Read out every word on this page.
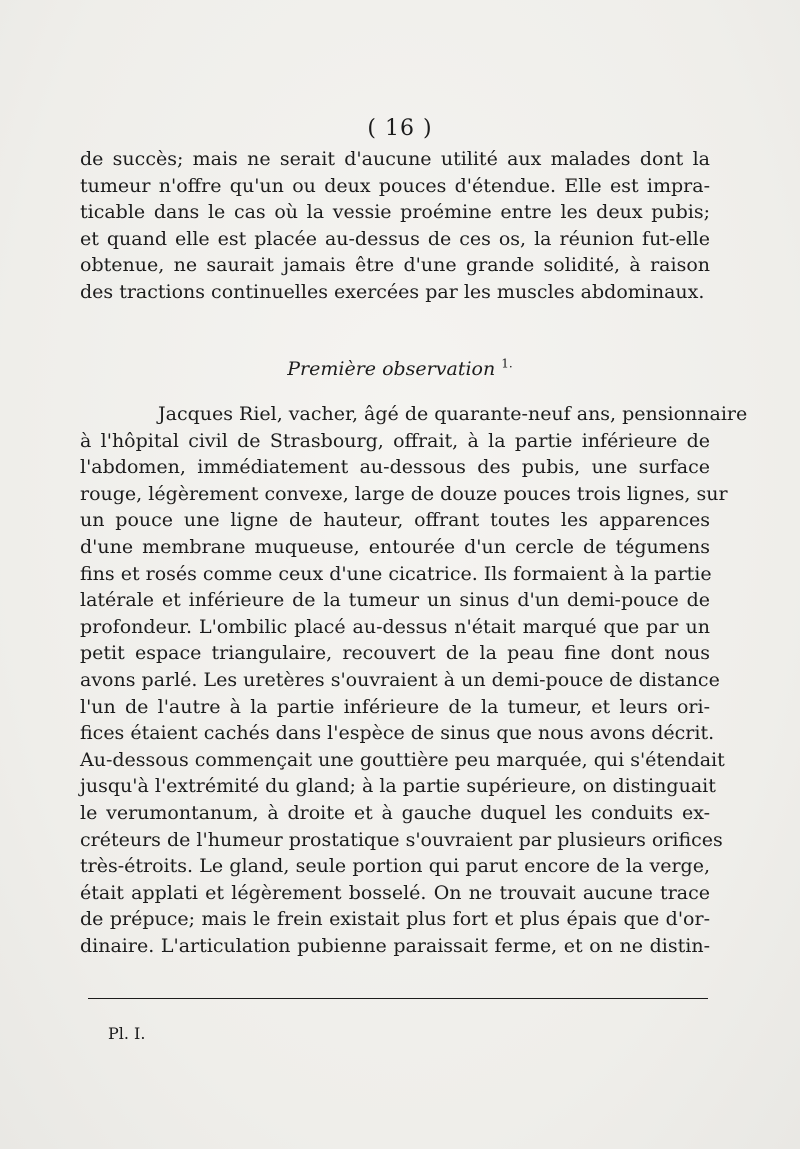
( 16 )
de succès; mais ne serait d'aucune utilité aux malades dont la
tumeur n'offre qu'un ou deux pouces d'étendue. Elle est impra-
ticable dans le cas où la vessie proémine entre les deux pubis;
et quand elle est placée au-dessus de ces os, la réunion fut-elle
obtenue, ne saurait jamais être d'une grande solidité, à raison
des tractions continuelles exercées par les muscles abdominaux.
Première observation $^{1.}$
Jacques Riel, vacher, âgé de quarante-neuf ans, pensionnaire
à l'hôpital civil de Strasbourg, offrait, à la partie inférieure de
l'abdomen, immédiatement au-dessous des pubis, une surface
rouge, légèrement convexe, large de douze pouces trois lignes, sur
un pouce une ligne de hauteur, offrant toutes les apparences
d'une membrane muqueuse, entourée d'un cercle de tégumens
fins et rosés comme ceux d'une cicatrice. Ils formaient à la partie
latérale et inférieure de la tumeur un sinus d'un demi-pouce de
profondeur. L'ombilic placé au-dessus n'était marqué que par un
petit espace triangulaire, recouvert de la peau fine dont nous
avons parlé. Les uretères s'ouvraient à un demi-pouce de distance
l'un de l'autre à la partie inférieure de la tumeur, et leurs ori-
fices étaient cachés dans l'espèce de sinus que nous avons décrit.
Au-dessous commençait une gouttière peu marquée, qui s'étendait
jusqu'à l'extrémité du gland; à la partie supérieure, on distinguait
le verumontanum, à droite et à gauche duquel les conduits ex-
créteurs de l'humeur prostatique s'ouvraient par plusieurs orifices
très-étroits. Le gland, seule portion qui parut encore de la verge,
était applati et légèrement bosselé. On ne trouvait aucune trace
de prépuce; mais le frein existait plus fort et plus épais que d'or-
dinaire. L'articulation pubienne paraissait ferme, et on ne distin-
Pl. I.
